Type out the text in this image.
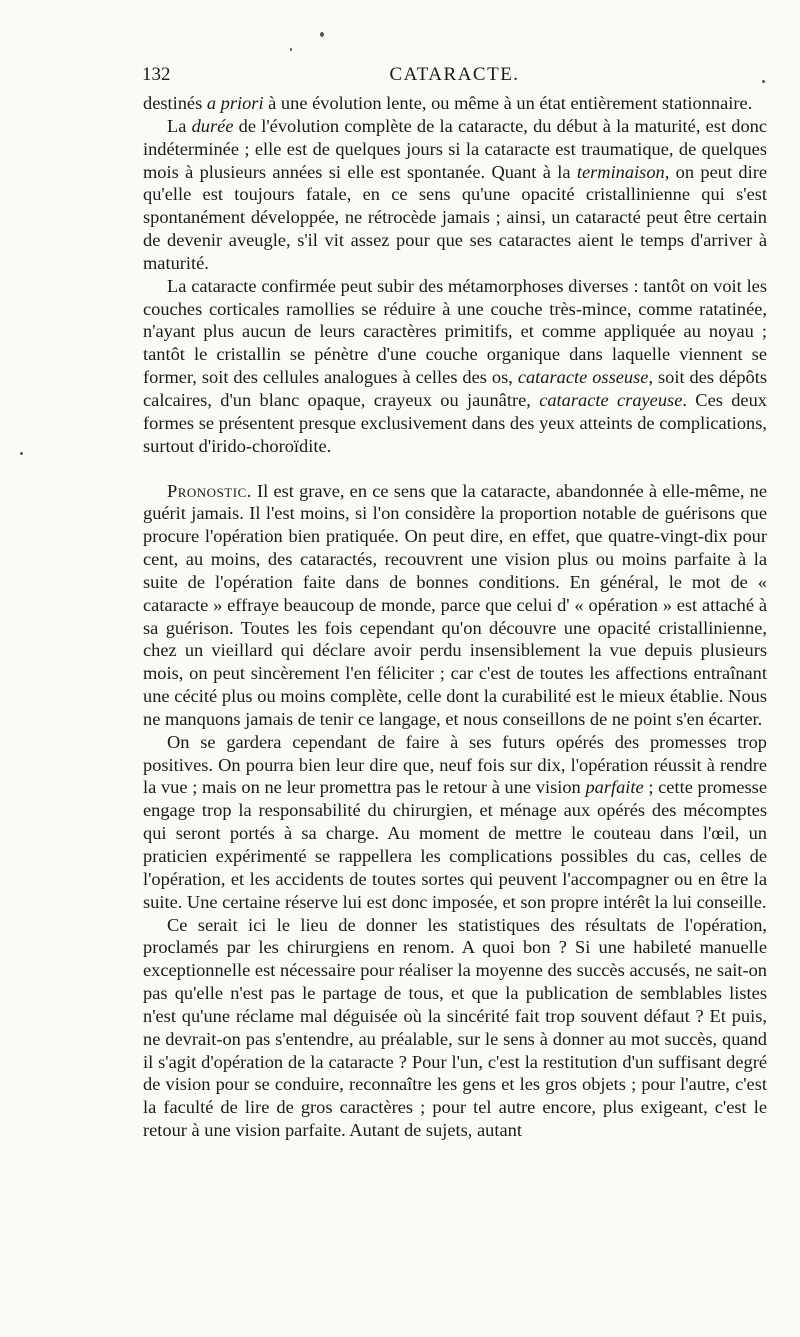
132	CATARACTE.

destinés a priori à une évolution lente, ou même à un état entièrement stationnaire.

La durée de l'évolution complète de la cataracte, du début à la maturité, est donc indéterminée ; elle est de quelques jours si la cataracte est traumatique, de quelques mois à plusieurs années si elle est spontanée. Quant à la terminaison, on peut dire qu'elle est toujours fatale, en ce sens qu'une opacité cristallinienne qui s'est spontanément développée, ne rétrocède jamais ; ainsi, un cataracté peut être certain de devenir aveugle, s'il vit assez pour que ses cataractes aient le temps d'arriver à maturité.

La cataracte confirmée peut subir des métamorphoses diverses : tantôt on voit les couches corticales ramollies se réduire à une couche très-mince, comme ratatinée, n'ayant plus aucun de leurs caractères primitifs, et comme appliquée au noyau ; tantôt le cristallin se pénètre d'une couche organique dans laquelle viennent se former, soit des cellules analogues à celles des os, cataracte osseuse, soit des dépôts calcaires, d'un blanc opaque, crayeux ou jaunâtre, cataracte crayeuse. Ces deux formes se présentent presque exclusivement dans des yeux atteints de complications, surtout d'irido-choroïdite.

Pronostic. Il est grave, en ce sens que la cataracte, abandonnée à elle-même, ne guérit jamais. Il l'est moins, si l'on considère la proportion notable de guérisons que procure l'opération bien pratiquée. On peut dire, en effet, que quatre-vingt-dix pour cent, au moins, des cataractés, recouvrent une vision plus ou moins parfaite à la suite de l'opération faite dans de bonnes conditions. En général, le mot de « cataracte » effraye beaucoup de monde, parce que celui d' « opération » est attaché à sa guérison. Toutes les fois cependant qu'on découvre une opacité cristallinienne, chez un vieillard qui déclare avoir perdu insensiblement la vue depuis plusieurs mois, on peut sincèrement l'en féliciter ; car c'est de toutes les affections entraînant une cécité plus ou moins complète, celle dont la curabilité est le mieux établie. Nous ne manquons jamais de tenir ce langage, et nous conseillons de ne point s'en écarter.

On se gardera cependant de faire à ses futurs opérés des promesses trop positives. On pourra bien leur dire que, neuf fois sur dix, l'opération réussit à rendre la vue ; mais on ne leur promettra pas le retour à une vision parfaite ; cette promesse engage trop la responsabilité du chirurgien, et ménage aux opérés des mécomptes qui seront portés à sa charge. Au moment de mettre le couteau dans l'œil, un praticien expérimenté se rappellera les complications possibles du cas, celles de l'opération, et les accidents de toutes sortes qui peuvent l'accompagner ou en être la suite. Une certaine réserve lui est donc imposée, et son propre intérêt la lui conseille.

Ce serait ici le lieu de donner les statistiques des résultats de l'opération, proclamés par les chirurgiens en renom. A quoi bon ? Si une habileté manuelle exceptionnelle est nécessaire pour réaliser la moyenne des succès accusés, ne sait-on pas qu'elle n'est pas le partage de tous, et que la publication de semblables listes n'est qu'une réclame mal déguisée où la sincérité fait trop souvent défaut ? Et puis, ne devrait-on pas s'entendre, au préalable, sur le sens à donner au mot succès, quand il s'agit d'opération de la cataracte ? Pour l'un, c'est la restitution d'un suffisant degré de vision pour se conduire, reconnaître les gens et les gros objets ; pour l'autre, c'est la faculté de lire de gros caractères ; pour tel autre encore, plus exigeant, c'est le retour à une vision parfaite. Autant de sujets, autant
